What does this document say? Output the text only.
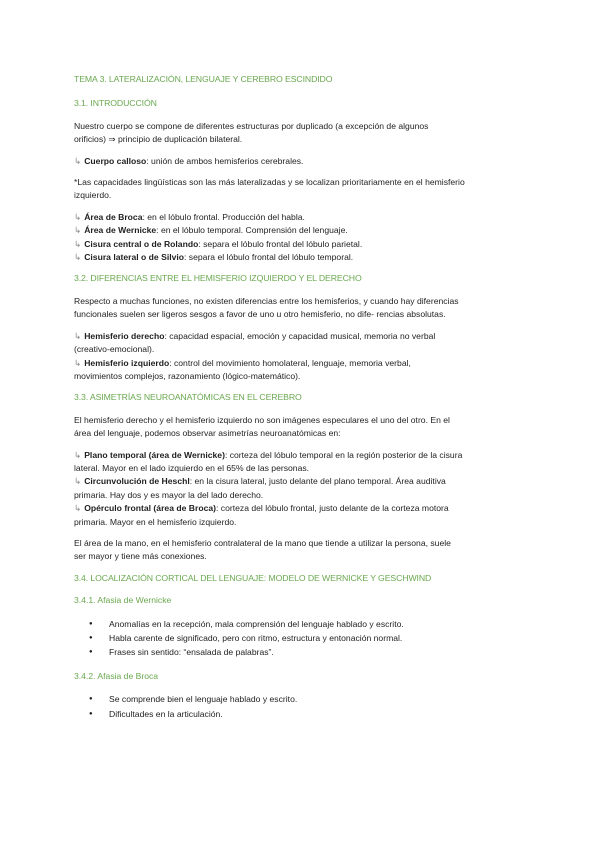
TEMA 3. LATERALIZACIÓN, LENGUAJE Y CEREBRO ESCINDIDO
3.1. INTRODUCCIÓN
Nuestro cuerpo se compone de diferentes estructuras por duplicado (a excepción de algunos
orificios) ⇒ principio de duplicación bilateral.
↳ Cuerpo calloso: unión de ambos hemisferios cerebrales.
*Las capacidades lingüísticas son las más lateralizadas y se localizan prioritariamente en el hemisferio
izquierdo.
↳ Área de Broca: en el lóbulo frontal. Producción del habla.
↳ Área de Wernicke: en el lóbulo temporal. Comprensión del lenguaje.
↳ Cisura central o de Rolando: separa el lóbulo frontal del lóbulo parietal.
↳ Cisura lateral o de Silvio: separa el lóbulo frontal del lóbulo temporal.
3.2. DIFERENCIAS ENTRE EL HEMISFERIO IZQUIERDO Y EL DERECHO
Respecto a muchas funciones, no existen diferencias entre los hemisferios, y cuando hay diferencias
funcionales suelen ser ligeros sesgos a favor de uno u otro hemisferio, no dife- rencias absolutas.
↳ Hemisferio derecho: capacidad espacial, emoción y capacidad musical, memoria no verbal
(creativo-emocional).
↳ Hemisferio izquierdo: control del movimiento homolateral, lenguaje, memoria verbal,
movimientos complejos, razonamiento (lógico-matemático).
3.3. ASIMETRÍAS NEUROANATÓMICAS EN EL CEREBRO
El hemisferio derecho y el hemisferio izquierdo no son imágenes especulares el uno del otro. En el
área del lenguaje, podemos observar asimetrías neuroanatómicas en:
↳ Plano temporal (área de Wernicke): corteza del lóbulo temporal en la región posterior de la cisura
lateral. Mayor en el lado izquierdo en el 65% de las personas.
↳ Circunvolución de Heschl: en la cisura lateral, justo delante del plano temporal. Área auditiva
primaria. Hay dos y es mayor la del lado derecho.
↳ Opérculo frontal (área de Broca): corteza del lóbulo frontal, justo delante de la corteza motora
primaria. Mayor en el hemisferio izquierdo.
El área de la mano, en el hemisferio contralateral de la mano que tiende a utilizar la persona, suele
ser mayor y tiene más conexiones.
3.4. LOCALIZACIÓN CORTICAL DEL LENGUAJE: MODELO DE WERNICKE Y GESCHWIND
3.4.1. Afasia de Wernicke
● Anomalías en la recepción, mala comprensión del lenguaje hablado y escrito.
● Habla carente de significado, pero con ritmo, estructura y entonación normal.
● Frases sin sentido: “ensalada de palabras”.
3.4.2. Afasia de Broca
● Se comprende bien el lenguaje hablado y escrito.
● Dificultades en la articulación.
